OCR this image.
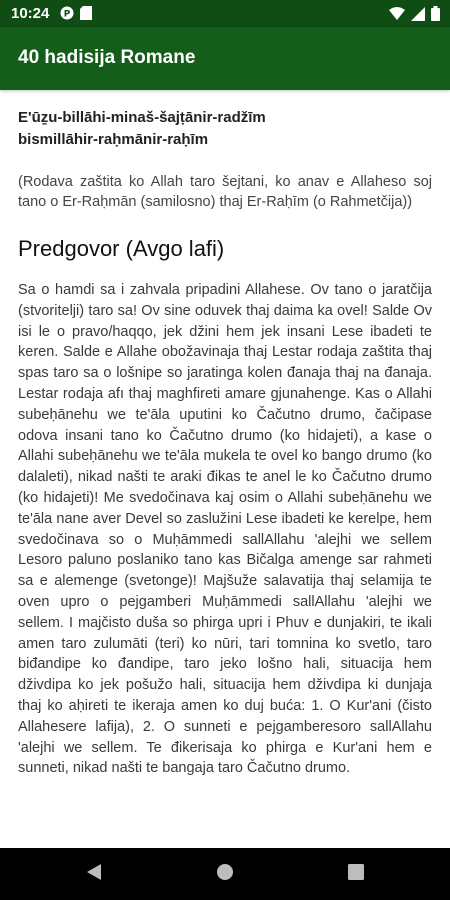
10:24 P
40 hadisija Romane
E'ūẕu-billāhi-minaš-šajṭānir-radžīm
bismillāhir-raḥmānir-raḥīm
(Rodava zaštita ko Allah taro šejtani, ko anav e Allaheso soj tano o Er-Raḥmān (samilosno) thaj Er-Raḥīm (o Rahmetčija))
Predgovor (Avgo lafi)
Sa o hamdi sa i zahvala pripadini Allahese. Ov tano o jaratčija (stvoritelji) taro sa! Ov sine oduvek thaj daima ka ovel! Salde Ov isi le o pravo/haqqo, jek džini hem jek insani Lese ibadeti te keren. Salde e Allahe obožavinaja thaj Lestar rodaja zaštita thaj spas taro sa o lošnipe so jaratinga kolen đanaja thaj na đanaja. Lestar rodaja afı thaj maghfireti amare gjunahenge. Kas o Allahi subeḥānehu we te'āla uputini ko Čačutno drumo, čačipase odova insani tano ko Čačutno drumo (ko hidajeti), a kase o Allahi subeḥānehu we te'āla mukela te ovel ko bango drumo (ko dalaleti), nikad našti te araki đikas te anel le ko Čačutno drumo (ko hidajeti)! Me svedočinava kaj osim o Allahi subeḥānehu we te'āla nane aver Devel so zaslužini Lese ibadeti ke kerelpe, hem svedočinava so o Muḥāmmedi sallAllahu 'alejhi we sellem Lesoro paluno poslaniko tano kas Bičalga amenge sar rahmeti sa e alemenge (svetonge)! Majšuže salavatija thaj selamija te oven upro o pejgamberi Muḥāmmedi sallAllahu 'alejhi we sellem. I majčisto duša so phirga upri i Phuv e dunjakiri, te ikali amen taro zulumāti (teri) ko nūri, tari tomnina ko svetlo, taro biđandipe ko đandipe, taro jeko lošno hali, situacija hem dživdipa ko jek pošužo hali, situacija hem dživdipa ki dunjaja thaj ko aḥireti te ikeraja amen ko duj buća: 1. O Kur'ani (čisto Allahesere lafija), 2. O sunneti e pejgamberesoro sallAllahu 'alejhi we sellem. Te đikerisaja ko phirga e Kur'ani hem e sunneti, nikad našti te bangaja taro Čačutno drumo.
